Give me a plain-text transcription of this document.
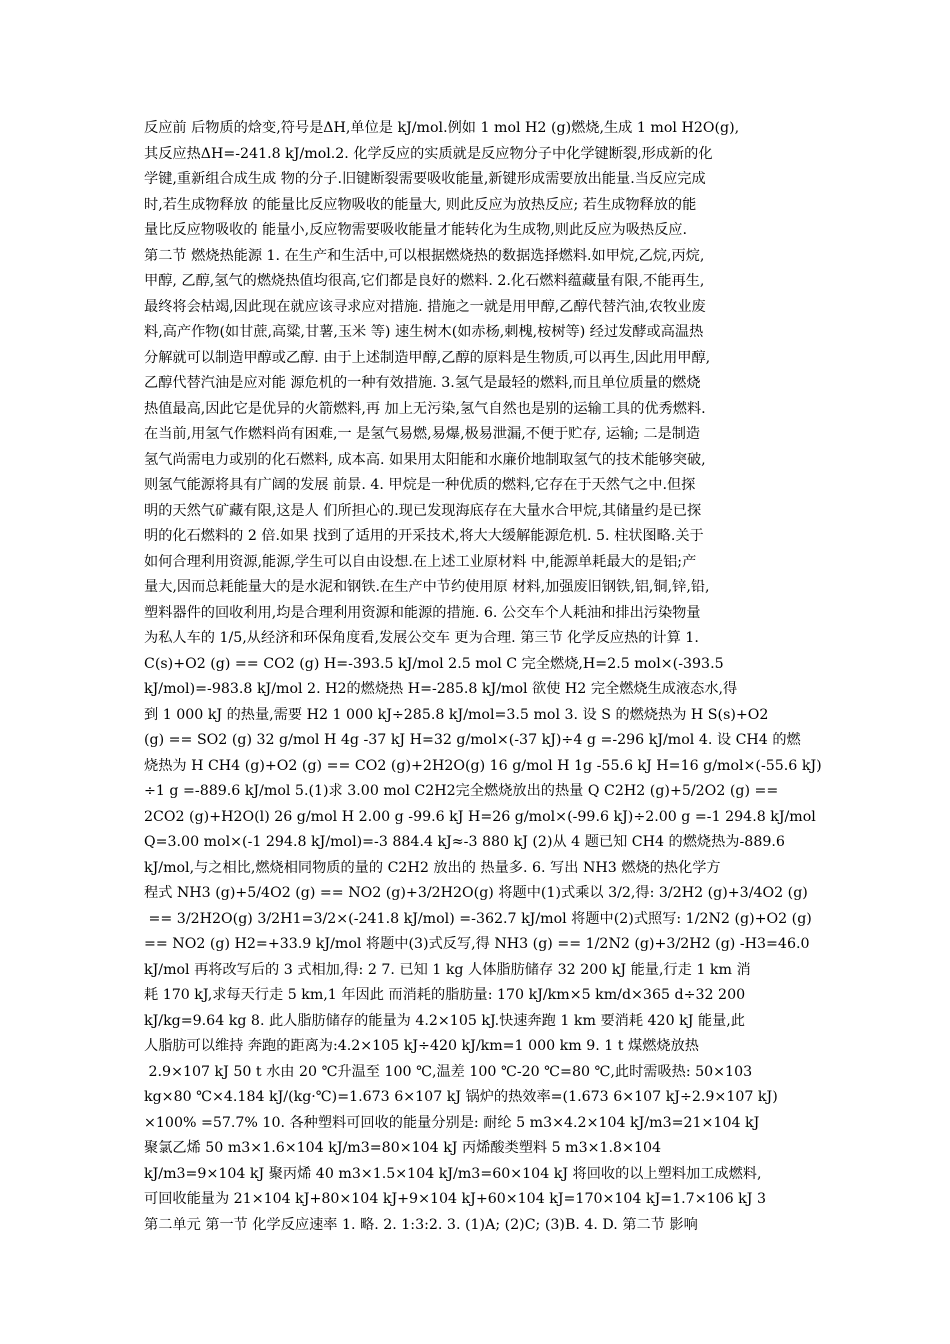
反应前 后物质的焓变,符号是ΔH,单位是 kJ/mol.例如 1 mol H2 (g)燃烧,生成 1 mol H2O(g),
其反应热ΔH=-241.8 kJ/mol.2. 化学反应的实质就是反应物分子中化学键断裂,形成新的化
学键,重新组合成生成 物的分子.旧键断裂需要吸收能量,新键形成需要放出能量.当反应完成
时,若生成物释放 的能量比反应物吸收的能量大, 则此反应为放热反应; 若生成物释放的能
量比反应物吸收的 能量小,反应物需要吸收能量才能转化为生成物,则此反应为吸热反应.
第二节 燃烧热能源 1. 在生产和生活中,可以根据燃烧热的数据选择燃料.如甲烷,乙烷,丙烷,
甲醇, 乙醇,氢气的燃烧热值均很高,它们都是良好的燃料. 2.化石燃料蕴藏量有限,不能再生,
最终将会枯竭,因此现在就应该寻求应对措施. 措施之一就是用甲醇,乙醇代替汽油,农牧业废
料,高产作物(如甘蔗,高粱,甘薯,玉米 等) 速生树木(如赤杨,刺槐,桉树等) 经过发酵或高温热
分解就可以制造甲醇或乙醇. 由于上述制造甲醇,乙醇的原料是生物质,可以再生,因此用甲醇,
乙醇代替汽油是应对能 源危机的一种有效措施. 3.氢气是最轻的燃料,而且单位质量的燃烧
热值最高,因此它是优异的火箭燃料,再 加上无污染,氢气自然也是别的运输工具的优秀燃料.
在当前,用氢气作燃料尚有困难,一 是氢气易燃,易爆,极易泄漏,不便于贮存, 运输; 二是制造
氢气尚需电力或别的化石燃料, 成本高. 如果用太阳能和水廉价地制取氢气的技术能够突破,
则氢气能源将具有广阔的发展 前景. 4. 甲烷是一种优质的燃料,它存在于天然气之中.但探
明的天然气矿藏有限,这是人 们所担心的.现已发现海底存在大量水合甲烷,其储量约是已探
明的化石燃料的 2 倍.如果 找到了适用的开采技术,将大大缓解能源危机. 5. 柱状图略.关于
如何合理利用资源,能源,学生可以自由设想.在上述工业原材料 中,能源单耗最大的是铝;产
量大,因而总耗能量大的是水泥和钢铁.在生产中节约使用原 材料,加强废旧钢铁,铝,铜,锌,铅,
塑料器件的回收利用,均是合理利用资源和能源的措施. 6. 公交车个人耗油和排出污染物量
为私人车的 1/5,从经济和环保角度看,发展公交车 更为合理. 第三节 化学反应热的计算 1.
C(s)+O2 (g) == CO2 (g) H=-393.5 kJ/mol 2.5 mol C 完全燃烧,H=2.5 mol×(-393.5
kJ/mol)=-983.8 kJ/mol 2. H2的燃烧热 H=-285.8 kJ/mol 欲使 H2 完全燃烧生成液态水,得
到 1 000 kJ 的热量,需要 H2 1 000 kJ÷285.8 kJ/mol=3.5 mol 3. 设 S 的燃烧热为 H S(s)+O2
(g) == SO2 (g) 32 g/mol H 4g -37 kJ H=32 g/mol×(-37 kJ)÷4 g =-296 kJ/mol 4. 设 CH4 的燃
烧热为 H CH4 (g)+O2 (g) == CO2 (g)+2H2O(g) 16 g/mol H 1g -55.6 kJ H=16 g/mol×(-55.6 kJ)
÷1 g =-889.6 kJ/mol 5.(1)求 3.00 mol C2H2完全燃烧放出的热量 Q C2H2 (g)+5/2O2 (g) ==
2CO2 (g)+H2O(l) 26 g/mol H 2.00 g -99.6 kJ H=26 g/mol×(-99.6 kJ)÷2.00 g =-1 294.8 kJ/mol
Q=3.00 mol×(-1 294.8 kJ/mol)=-3 884.4 kJ≈-3 880 kJ (2)从 4 题已知 CH4 的燃烧热为-889.6
kJ/mol,与之相比,燃烧相同物质的量的 C2H2 放出的 热量多. 6. 写出 NH3 燃烧的热化学方
程式 NH3 (g)+5/4O2 (g) == NO2 (g)+3/2H2O(g) 将题中(1)式乘以 3/2,得: 3/2H2 (g)+3/4O2 (g)
== 3/2H2O(g) 3/2H1=3/2×(-241.8 kJ/mol) =-362.7 kJ/mol 将题中(2)式照写: 1/2N2 (g)+O2 (g)
== NO2 (g) H2=+33.9 kJ/mol 将题中(3)式反写,得 NH3 (g) == 1/2N2 (g)+3/2H2 (g) -H3=46.0
kJ/mol 再将改写后的 3 式相加,得: 2 7. 已知 1 kg 人体脂肪储存 32 200 kJ 能量,行走 1 km 消
耗 170 kJ,求每天行走 5 km,1 年因此 而消耗的脂肪量: 170 kJ/km×5 km/d×365 d÷32 200
kJ/kg=9.64 kg 8. 此人脂肪储存的能量为 4.2×105 kJ.快速奔跑 1 km 要消耗 420 kJ 能量,此
人脂肪可以维持 奔跑的距离为:4.2×105 kJ÷420 kJ/km=1 000 km 9. 1 t 煤燃烧放热
2.9×107 kJ 50 t 水由 20 ℃升温至 100 ℃,温差 100 ℃-20 ℃=80 ℃,此时需吸热: 50×103
kg×80 ℃×4.184 kJ/(kg·℃)=1.673 6×107 kJ 锅炉的热效率=(1.673 6×107 kJ÷2.9×107 kJ)
×100% =57.7% 10. 各种塑料可回收的能量分别是: 耐纶 5 m3×4.2×104 kJ/m3=21×104 kJ
聚氯乙烯 50 m3×1.6×104 kJ/m3=80×104 kJ 丙烯酸类塑料 5 m3×1.8×104
kJ/m3=9×104 kJ 聚丙烯 40 m3×1.5×104 kJ/m3=60×104 kJ 将回收的以上塑料加工成燃料,
可回收能量为 21×104 kJ+80×104 kJ+9×104 kJ+60×104 kJ=170×104 kJ=1.7×106 kJ 3
第二单元 第一节 化学反应速率 1. 略. 2. 1:3:2. 3. (1)A; (2)C; (3)B. 4. D. 第二节 影响
